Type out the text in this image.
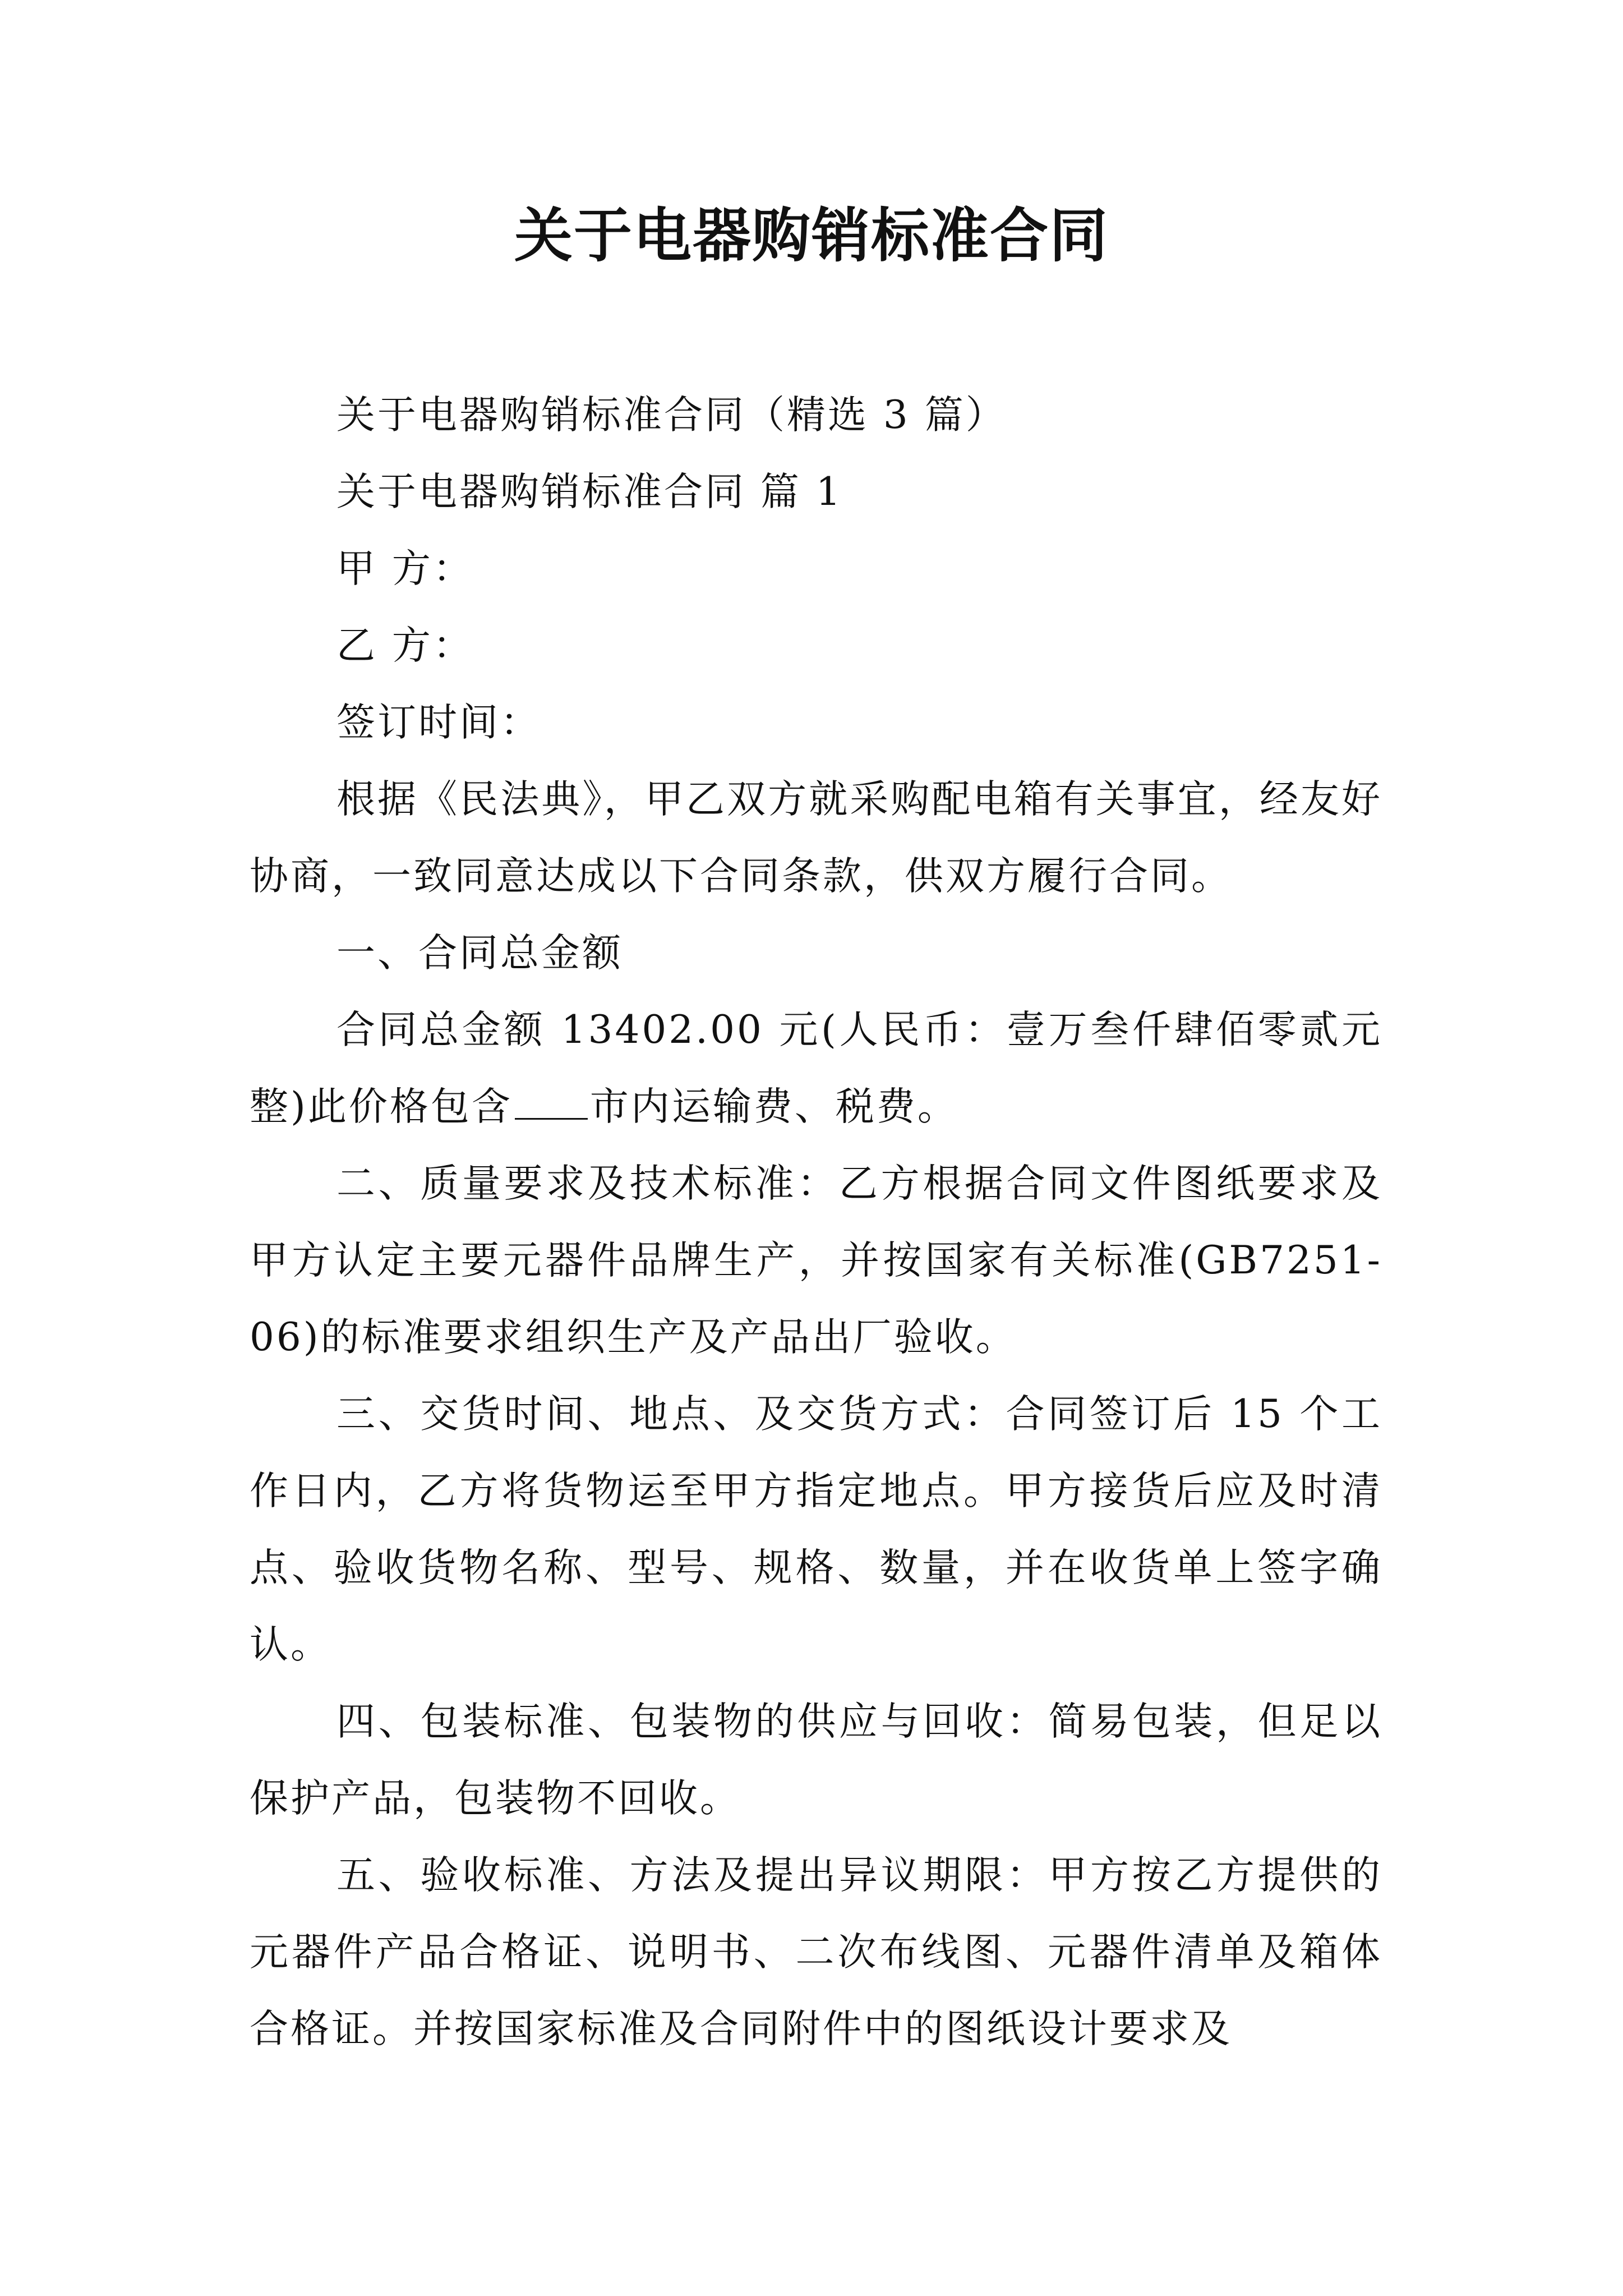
关于电器购销标准合同

关于电器购销标准合同（精选 3 篇）

关于电器购销标准合同 篇 1

甲 方：

乙 方：

签订时间：

根据《民法典》，甲乙双方就采购配电箱有关事宜，经友好协商，一致同意达成以下合同条款，供双方履行合同。

一、合同总金额

合同总金额 13402.00 元(人民币：壹万叁仟肆佰零贰元整)此价格包含 市内运输费、税费。

二、质量要求及技术标准：乙方根据合同文件图纸要求及甲方认定主要元器件品牌生产，并按国家有关标准(GB7251-06)的标准要求组织生产及产品出厂验收。

三、交货时间、地点、及交货方式：合同签订后 15 个工作日内，乙方将货物运至甲方指定地点。甲方接货后应及时清点、验收货物名称、型号、规格、数量，并在收货单上签字确认。

四、包装标准、包装物的供应与回收：简易包装，但足以保护产品，包装物不回收。

五、验收标准、方法及提出异议期限：甲方按乙方提供的元器件产品合格证、说明书、二次布线图、元器件清单及箱体合格证。并按国家标准及合同附件中的图纸设计要求及
